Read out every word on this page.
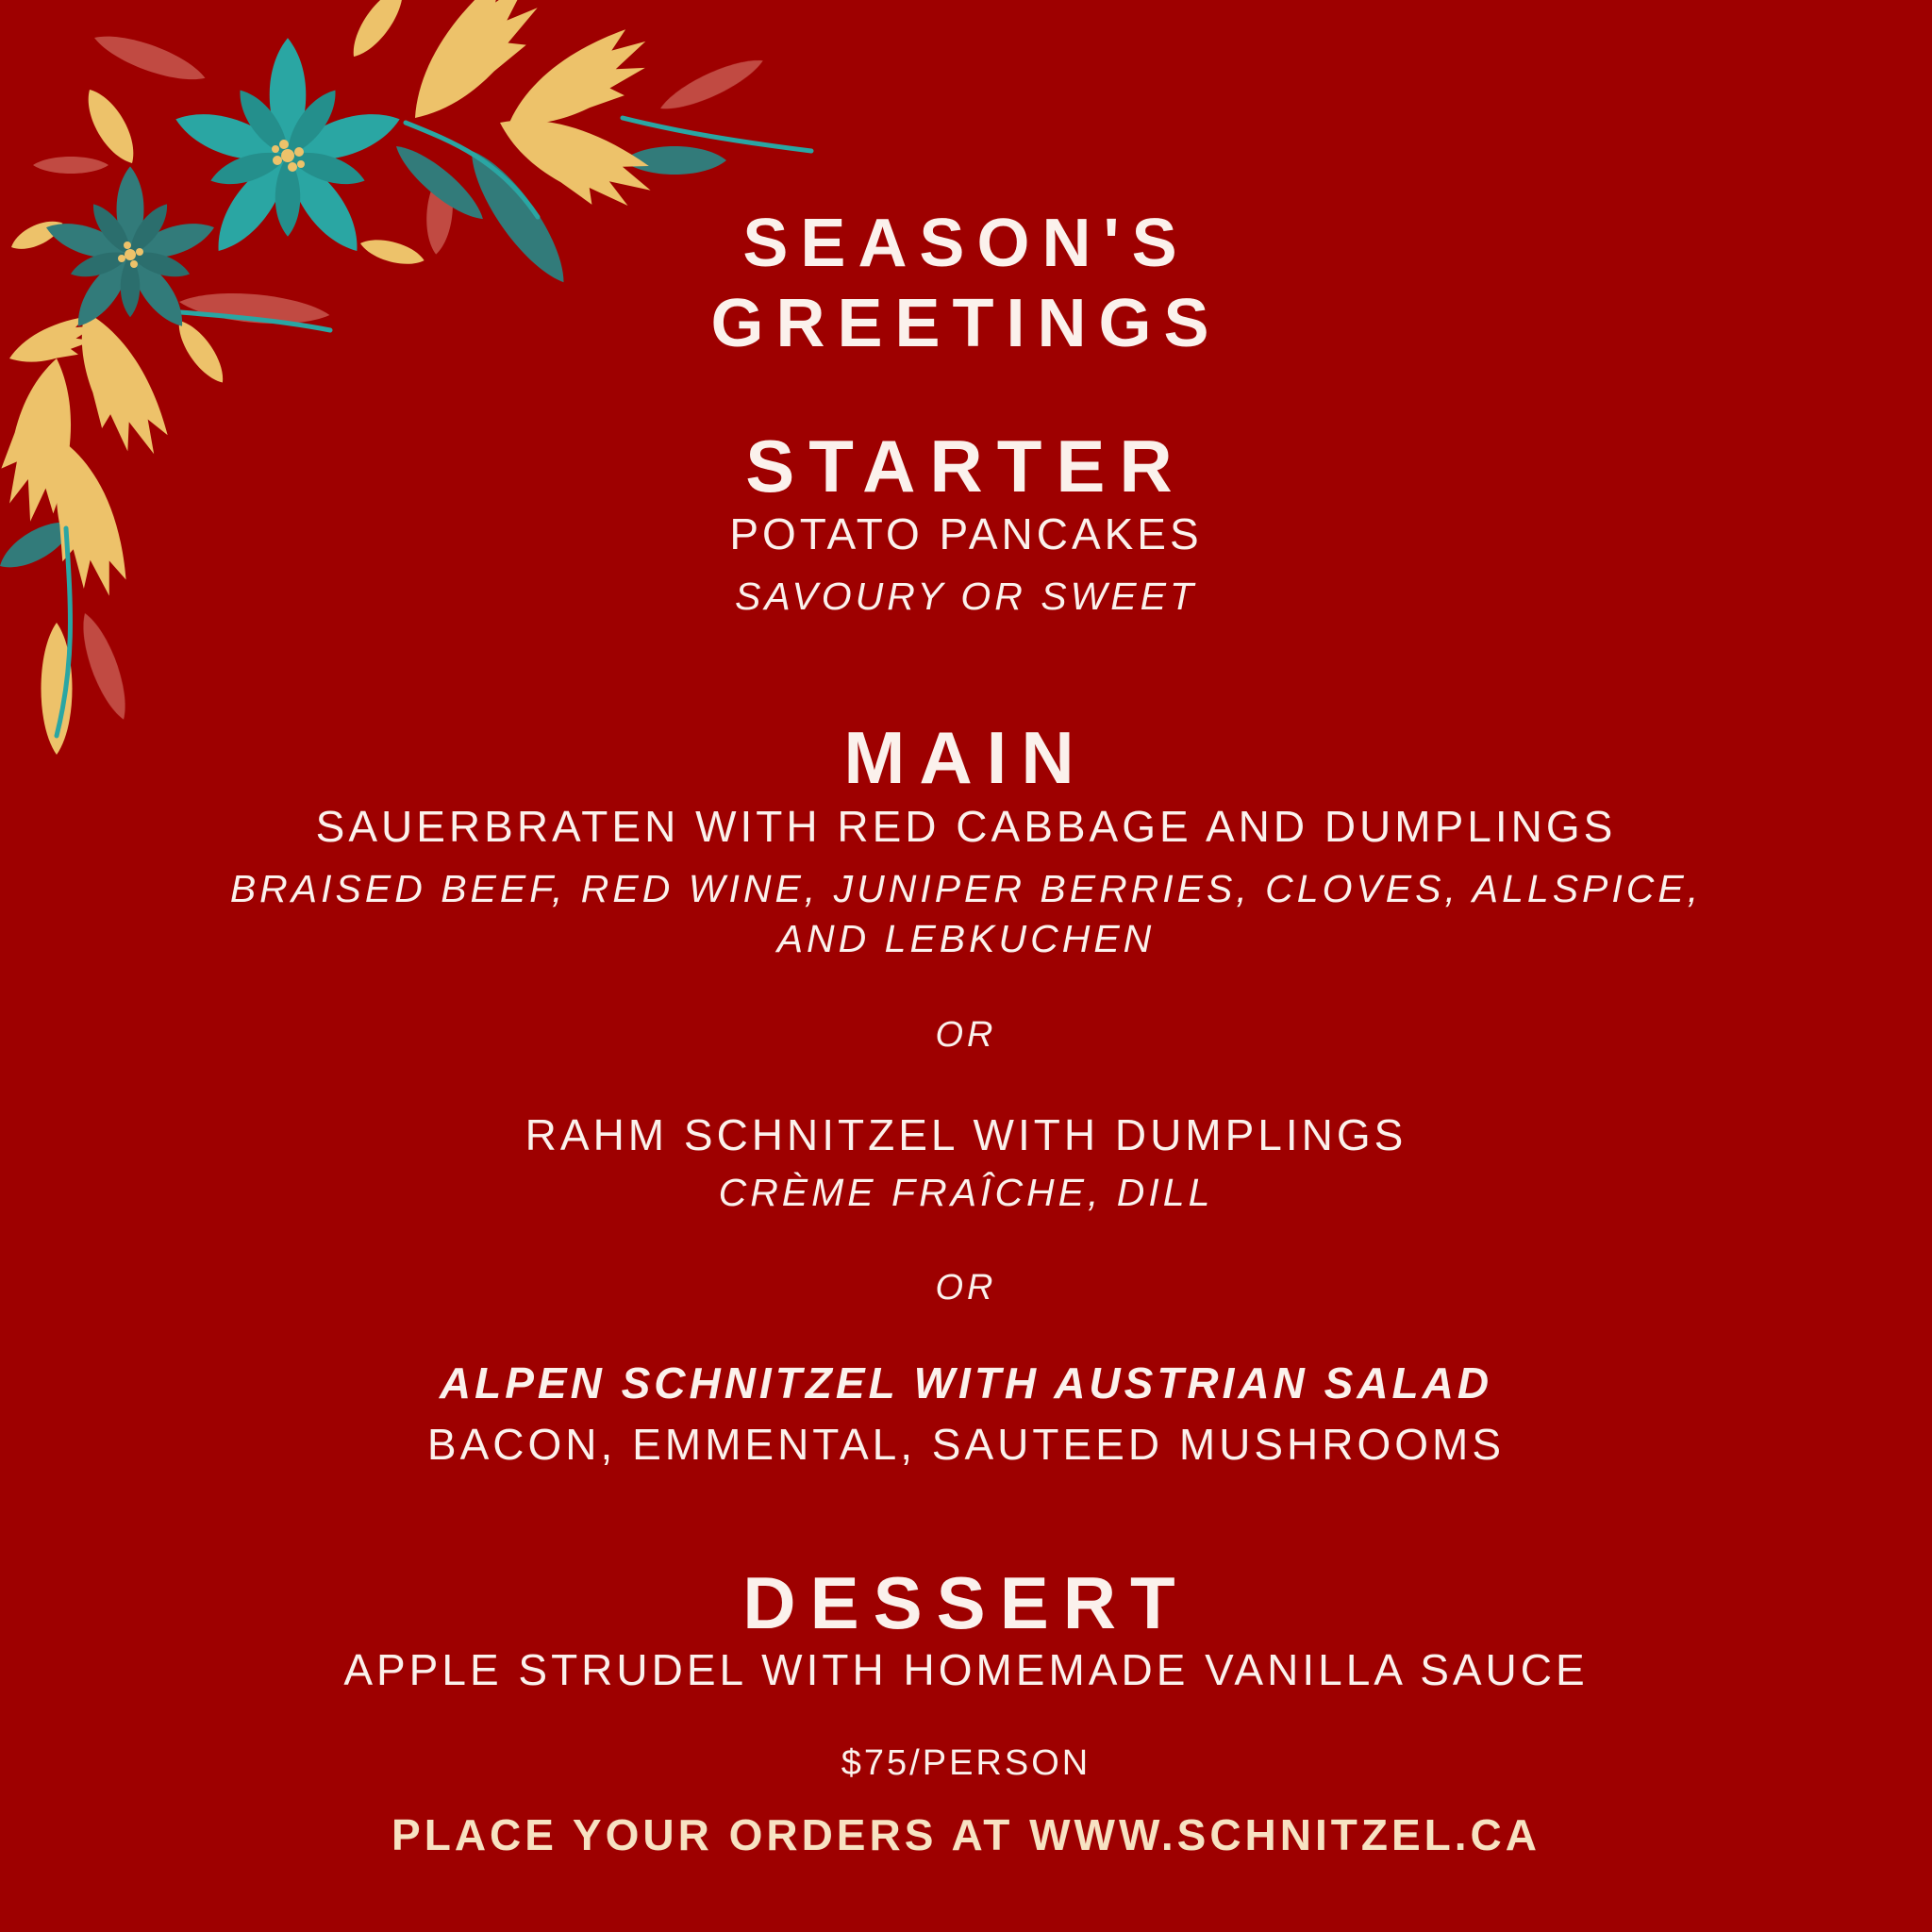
SEASON'S
GREETINGS
STARTER
POTATO PANCAKES
SAVOURY OR SWEET
MAIN
SAUERBRATEN WITH RED CABBAGE AND DUMPLINGS
BRAISED BEEF, RED WINE, JUNIPER BERRIES, CLOVES, ALLSPICE,
AND LEBKUCHEN
OR
RAHM SCHNITZEL WITH DUMPLINGS
CRÈME FRAÎCHE, DILL
OR
ALPEN SCHNITZEL WITH AUSTRIAN SALAD
BACON, EMMENTAL, SAUTEED MUSHROOMS
DESSERT
APPLE STRUDEL WITH HOMEMADE VANILLA SAUCE
$75/PERSON
PLACE YOUR ORDERS AT WWW.SCHNITZEL.CA
